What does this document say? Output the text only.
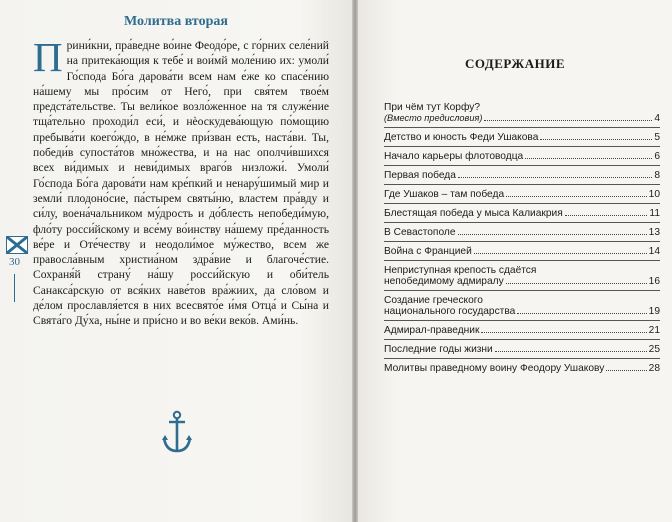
Молитва вторая
Прини́кни, пра́ведне во́ине Феодо́ре, с го́рних селе́ний на притека́ющия к тебе́ и вои́мй моле́нию их: умоли́ Го́спода Бо́га дарова́ти всем нам е́же ко спасе́нию на́шему мы про́сим от Него́, при свя́тем твое́м предста́тельстве. Ты вели́кое возло́женное на тя служе́ние тща́тельно проходи́л еси́, и нѐоскудева́ющую по́мощию пребыва́ти коего́ждо, в не́мже при́зван есть, наста́ви. Ты, победи́в супоста́тов мно́жества, и на нас ополчи́вшихся всех ви́димых и неви́димых враго́в низложи́. Умоли́ Го́спода Бо́га дарова́ти нам кре́пкий и ненару́шимый мир и земли́ плодоно́сие, па́стырем святы́ню, властем пра́вду и си́лу, воена́чальником му́дрость и до́блесть непобеди́мую, фло́ту росси́йскому и все́му во́инству на́шему пре́данность ве́ре и Оте́честву и неодоли́мое му́жество, всем же правосла́вным христиа́ном здра́вие и благоче́стие. Сохраня́й страну́ на́шу росси́йскую и оби́тель Санакса́рскую от вся́ких наве́тов вра́жиих, да сло́вом и де́лом прославля́ется в них всесвято́е и́мя Отца́ и Сы́на и Свята́го Ду́ха, ны́не и при́сно и во ве́ки веко́в. Ами́нь.
30
СОДЕРЖАНИЕ
При чём тут Корфу?
(Вместо предисловия)	4
Детство и юность Феди Ушакова	5
Начало карьеры флотоводца	6
Первая победа	8
Где Ушаков – там победа	10
Блестящая победа у мыса Калиакрия	11
В Севастополе	13
Война с Францией	14
Неприступная крепость сдаётся
непобедимому адмиралу	16
Создание греческого
национального государства	19
Адмирал-праведник	21
Последние годы жизни	25
Молитвы праведному воину Феодору Ушакову	28
